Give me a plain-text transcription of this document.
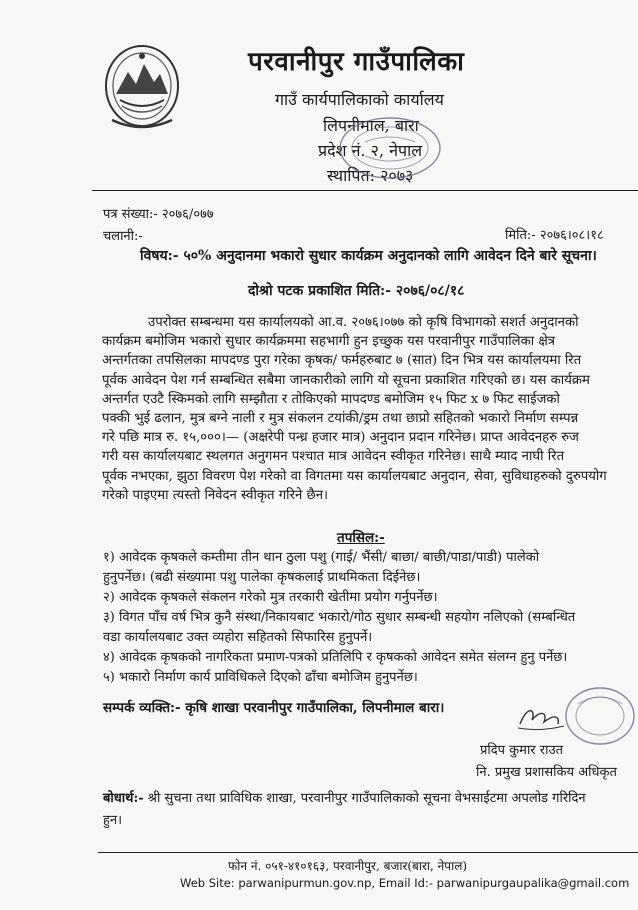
परवानीपुर गाउँपालिका
गाउँ कार्यपालिकाको कार्यालय
लिपनीमाल, बारा
प्रदेश नं. २, नेपाल
स्थापित: २०७३
पत्र संख्या:- २०७६/०७७
चलानी:-	मिति:- २०७६।०८।१८
विषय:- ५०% अनुदानमा भकारो सुधार कार्यक्रम अनुदानको लागि आवेदन दिने बारे सूचना।
दोश्रो पटक प्रकाशित मिति:- २०७६/०८/१८
उपरोक्त सम्बन्धमा यस कार्यालयको आ.व. २०७६।०७७ को कृषि विभागको सशर्त अनुदानको
कार्यक्रम बमोजिम भकारो सुधार कार्यक्रममा सहभागी हुन इच्छुक यस परवानीपुर गाउँपालिका क्षेत्र
अन्तर्गतका तपसिलका मापदण्ड पुरा गरेका कृषक/ फर्महरुबाट ७ (सात) दिन भित्र यस कार्यालयमा रित
पूर्वक आवेदन पेश गर्न सम्बन्धित सबैमा जानकारीको लागि यो सूचना प्रकाशित गरिएको छ। यस कार्यक्रम
अन्तर्गत एउटै स्किमको लागि सम्झौता र तोकिएको मापदण्ड बमोजिम १५ फिट x ७ फिट साईजको
पक्की भुई ढलान, मुत्र बग्ने नाली र मुत्र संकलन टयांकी/ड्रम तथा छाप्रो सहितको भकारो निर्माण सम्पन्न
गरे पछि मात्र रु. १५,०००।— (अक्षरेपी पन्ध्र हजार मात्र) अनुदान प्रदान गरिनेछ। प्राप्त आवेदनहरु रुज
गरी यस कार्यालयबाट स्थलगत अनुगमन पश्चात मात्र आवेदन स्वीकृत गरिनेछ। साथै म्याद नाघी रित
पूर्वक नभएका, झुठा विवरण पेश गरेको वा विगतमा यस कार्यालयबाट अनुदान, सेवा, सुविधाहरुको दुरुपयोग
गरेको पाइएमा त्यस्तो निवेदन स्वीकृत गरिने छैन।
तपसिल:-
१) आवेदक कृषकले कम्तीमा तीन थान ठुला पशु (गाई/ भैंसी/ बाछा/ बाछी/पाडा/पाडी) पालेको
हुनुपर्नेछ। (बढी संख्यामा पशु पालेका कृषकलाई प्राथमिकता दिईनेछ।
२) आवेदक कृषकले संकलन गरेको मुत्र तरकारी खेतीमा प्रयोग गर्नुपर्नेछ।
३) विगत पाँच वर्ष भित्र कुनै संस्था/निकायबाट भकारो/गोठ सुधार सम्बन्धी सहयोग नलिएको (सम्बन्धित
वडा कार्यालयबाट उक्त व्यहोरा सहितको सिफारिस हुनुपर्ने।
४) आवेदक कृषकको नागरिकता प्रमाण-पत्रको प्रतिलिपि र कृषकको आवेदन समेत संलग्न हुनु पर्नेछ।
५) भकारो निर्माण कार्य प्राविधिकले दिएको ढाँचा बमोजिम हुनुपर्नेछ।
सम्पर्क व्यक्ति:- कृषि शाखा परवानीपुर गाउँपालिका, लिपनीमाल बारा।
प्रदिप कुमार राउत
नि. प्रमुख प्रशासकिय अधिकृत
बोधार्थ:- श्री सुचना तथा प्राविधिक शाखा, परवानीपुर गाउँपालिकाको सूचना वेभसाईटमा अपलोड गरिदिन
हुन।
फोन नं. ०५१-४१०१६३, परवानीपुर, बजार(बारा, नेपाल)
Web Site: parwanipurmun.gov.np, Email Id:- parwanipurgaupalika@gmail.com
